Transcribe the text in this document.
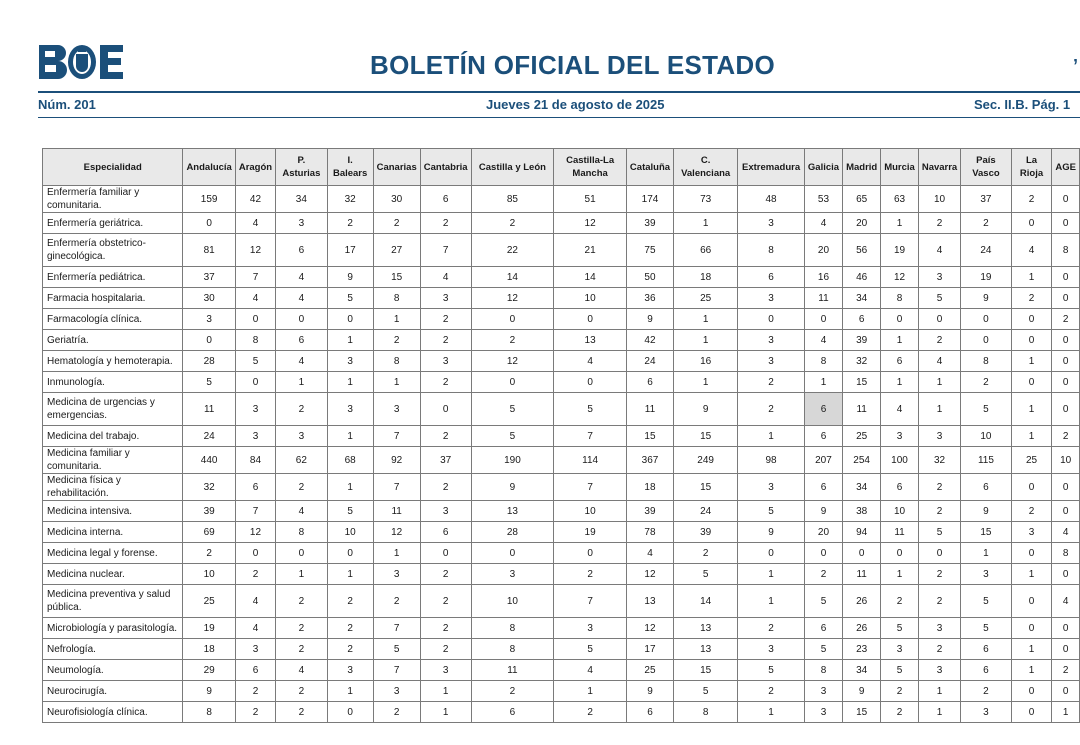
BOLETÍN OFICIAL DEL ESTADO	’
Núm. 201	Jueves 21 de agosto de 2025	Sec. II.B. Pág. 1
Especialidad	Andalucía	Aragón	P. Asturias	I. Balears	Canarias	Cantabria	Castilla y León	Castilla-La Mancha	Cataluña	C. Valenciana	Extremadura	Galicia	Madrid	Murcia	Navarra	País Vasco	La Rioja	AGE
Enfermería familiar y comunitaria.	159	42	34	32	30	6	85	51	174	73	48	53	65	63	10	37	2	0
Enfermería geriátrica.	0	4	3	2	2	2	2	12	39	1	3	4	20	1	2	2	0	0
Enfermería obstetrico-ginecológica.	81	12	6	17	27	7	22	21	75	66	8	20	56	19	4	24	4	8
Enfermería pediátrica.	37	7	4	9	15	4	14	14	50	18	6	16	46	12	3	19	1	0
Farmacia hospitalaria.	30	4	4	5	8	3	12	10	36	25	3	11	34	8	5	9	2	0
Farmacología clínica.	3	0	0	0	1	2	0	0	9	1	0	0	6	0	0	0	0	2
Geriatría.	0	8	6	1	2	2	2	13	42	1	3	4	39	1	2	0	0	0
Hematología y hemoterapia.	28	5	4	3	8	3	12	4	24	16	3	8	32	6	4	8	1	0
Inmunología.	5	0	1	1	1	2	0	0	6	1	2	1	15	1	1	2	0	0
Medicina de urgencias y emergencias.	11	3	2	3	3	0	5	5	11	9	2	6	11	4	1	5	1	0
Medicina del trabajo.	24	3	3	1	7	2	5	7	15	15	1	6	25	3	3	10	1	2
Medicina familiar y comunitaria.	440	84	62	68	92	37	190	114	367	249	98	207	254	100	32	115	25	10
Medicina física y rehabilitación.	32	6	2	1	7	2	9	7	18	15	3	6	34	6	2	6	0	0
Medicina intensiva.	39	7	4	5	11	3	13	10	39	24	5	9	38	10	2	9	2	0
Medicina interna.	69	12	8	10	12	6	28	19	78	39	9	20	94	11	5	15	3	4
Medicina legal y forense.	2	0	0	0	1	0	0	0	4	2	0	0	0	0	0	1	0	8
Medicina nuclear.	10	2	1	1	3	2	3	2	12	5	1	2	11	1	2	3	1	0
Medicina preventiva y salud pública.	25	4	2	2	2	2	10	7	13	14	1	5	26	2	2	5	0	4
Microbiología y parasitología.	19	4	2	2	7	2	8	3	12	13	2	6	26	5	3	5	0	0
Nefrología.	18	3	2	2	5	2	8	5	17	13	3	5	23	3	2	6	1	0
Neumología.	29	6	4	3	7	3	11	4	25	15	5	8	34	5	3	6	1	2
Neurocirugía.	9	2	2	1	3	1	2	1	9	5	2	3	9	2	1	2	0	0
Neurofisiología clínica.	8	2	2	0	2	1	6	2	6	8	1	3	15	2	1	3	0	1
